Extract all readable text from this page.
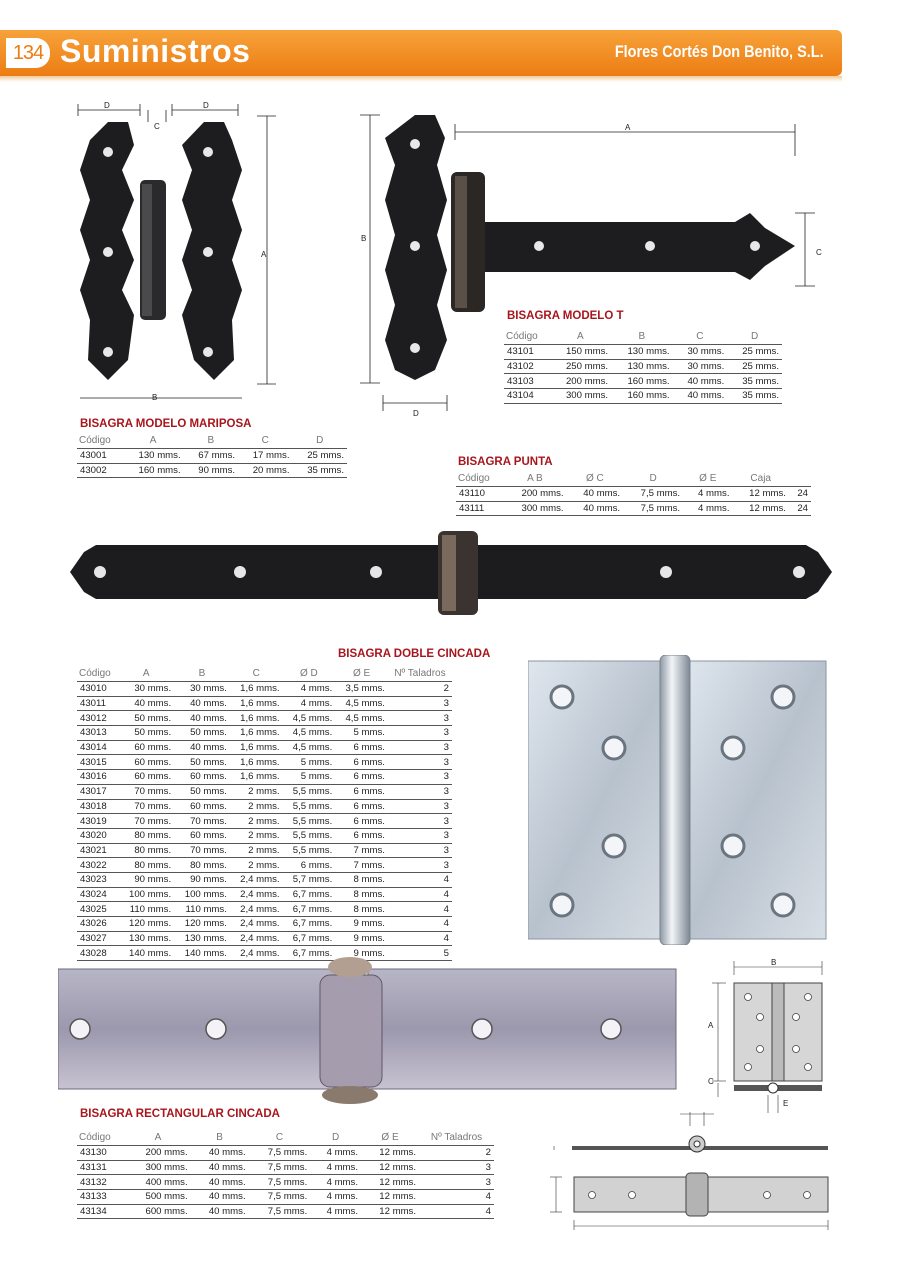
134 Suministros	Flores Cortés Don Benito, S.L.
D	D
C
A
B
A
B
C
D
BISAGRA MODELO T
Código	A	B	C	D
43101	150 mms.	130 mms.	30 mms.	25 mms.
43102	250 mms.	130 mms.	30 mms.	25 mms.
43103	200 mms.	160 mms.	40 mms.	35 mms.
43104	300 mms.	160 mms.	40 mms.	35 mms.
BISAGRA MODELO MARIPOSA
Código	A	B	C	D
43001	130 mms.	67 mms.	17 mms.	25 mms.
43002	160 mms.	90 mms.	20 mms.	35 mms.
BISAGRA PUNTA
Código	A B	Ø C	D	Ø E	Caja	
43110	200 mms.	40 mms.	7,5 mms.	4 mms.	12 mms.	24
43111	300 mms.	40 mms.	7,5 mms.	4 mms.	12 mms.	24
BISAGRA DOBLE CINCADA
Código	A	B	C	Ø D	Ø E	Nº Taladros
43010	30 mms.	30 mms.	1,6 mms.	4 mms.	3,5 mms.	2
43011	40 mms.	40 mms.	1,6 mms.	4 mms.	4,5 mms.	3
43012	50 mms.	40 mms.	1,6 mms.	4,5 mms.	4,5 mms.	3
43013	50 mms.	50 mms.	1,6 mms.	4,5 mms.	5 mms.	3
43014	60 mms.	40 mms.	1,6 mms.	4,5 mms.	6 mms.	3
43015	60 mms.	50 mms.	1,6 mms.	5 mms.	6 mms.	3
43016	60 mms.	60 mms.	1,6 mms.	5 mms.	6 mms.	3
43017	70 mms.	50 mms.	2 mms.	5,5 mms.	6 mms.	3
43018	70 mms.	60 mms.	2 mms.	5,5 mms.	6 mms.	3
43019	70 mms.	70 mms.	2 mms.	5,5 mms.	6 mms.	3
43020	80 mms.	60 mms.	2 mms.	5,5 mms.	6 mms.	3
43021	80 mms.	70 mms.	2 mms.	5,5 mms.	7 mms.	3
43022	80 mms.	80 mms.	2 mms.	6 mms.	7 mms.	3
43023	90 mms.	90 mms.	2,4 mms.	5,7 mms.	8 mms.	4
43024	100 mms.	100 mms.	2,4 mms.	6,7 mms.	8 mms.	4
43025	110 mms.	110 mms.	2,4 mms.	6,7 mms.	8 mms.	4
43026	120 mms.	120 mms.	2,4 mms.	6,7 mms.	9 mms.	4
43027	130 mms.	130 mms.	2,4 mms.	6,7 mms.	9 mms.	4
43028	140 mms.	140 mms.	2,4 mms.	6,7 mms.	9 mms.	5
B
A
C
E
BISAGRA RECTANGULAR CINCADA
Código	A	B	C	D	Ø E	Nº Taladros
43130	200 mms.	40 mms.	7,5 mms.	4 mms.	12 mms.	2
43131	300 mms.	40 mms.	7,5 mms.	4 mms.	12 mms.	3
43132	400 mms.	40 mms.	7,5 mms.	4 mms.	12 mms.	3
43133	500 mms.	40 mms.	7,5 mms.	4 mms.	12 mms.	4
43134	600 mms.	40 mms.	7,5 mms.	4 mms.	12 mms.	4
